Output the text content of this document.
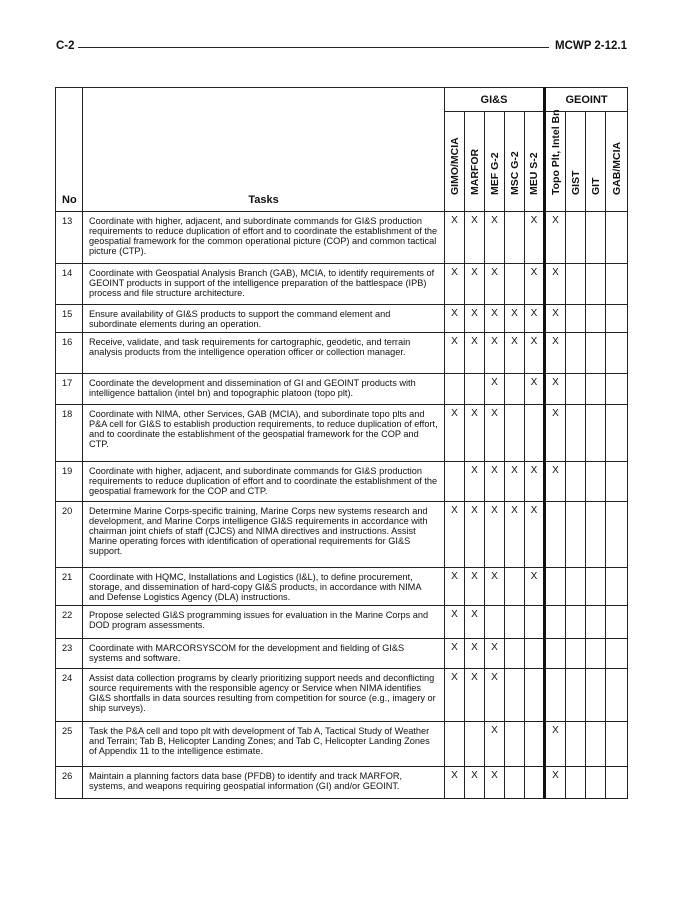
C-2	MCWP 2-12.1
No	Tasks	GI&S					GEOINT			

		GIMO/MCIA	MARFOR	MEF G-2	MSC G-2	MEU S-2	Topo Plt, Intel Bn	GIST	GIT	GAB/MCIA

13	Coordinate with higher, adjacent, and subordinate commands for GI&S production requirements to reduce duplication of effort and to coordinate the establishment of the geospatial framework for the common operational picture (COP) and common tactical picture (CTP).	X	X	X		X	X			
14	Coordinate with Geospatial Analysis Branch (GAB), MCIA, to identify requirements of GEOINT products in support of the intelligence preparation of the battlespace (IPB) process and file structure architecture.	X	X	X		X	X			
15	Ensure availability of GI&S products to support the command element and subordinate elements during an operation.	X	X	X	X	X	X			
16	Receive, validate, and task requirements for cartographic, geodetic, and terrain analysis products from the intelligence operation officer or collection manager.	X	X	X	X	X	X			
17	Coordinate the development and dissemination of GI and GEOINT products with intelligence battalion (intel bn) and topographic platoon (topo plt).			X		X	X			
18	Coordinate with NIMA, other Services, GAB (MCIA), and subordinate topo plts and P&A cell for GI&S to establish production requirements, to reduce duplication of effort, and to coordinate the establishment of the geospatial framework for the COP and CTP.	X	X	X			X			
19	Coordinate with higher, adjacent, and subordinate commands for GI&S production requirements to reduce duplication of effort and to coordinate the establishment of the geospatial framework for the COP and CTP.		X	X	X	X	X			
20	Determine Marine Corps-specific training, Marine Corps new systems research and development, and Marine Corps intelligence GI&S requirements in accordance with chairman joint chiefs of staff (CJCS) and NIMA directives and instructions. Assist Marine operating forces with identification of operational requirements for GI&S support.	X	X	X	X	X				
21	Coordinate with HQMC, Installations and Logistics (I&L), to define procurement, storage, and dissemination of hard-copy GI&S products, in accordance with NIMA and Defense Logistics Agency (DLA) instructions.	X	X	X		X				
22	Propose selected GI&S programming issues for evaluation in the Marine Corps and DOD program assessments.	X	X							
23	Coordinate with MARCORSYSCOM for the development and fielding of GI&S systems and software.	X	X	X						
24	Assist data collection programs by clearly prioritizing support needs and deconflicting source requirements with the responsible agency or Service when NIMA identifies GI&S shortfalls in data sources resulting from competition for source (e.g., imagery or ship surveys).	X	X	X						
25	Task the P&A cell and topo plt with development of Tab A, Tactical Study of Weather and Terrain; Tab B, Helicopter Landing Zones; and Tab C, Helicopter Landing Zones of Appendix 11 to the intelligence estimate.			X			X			
26	Maintain a planning factors data base (PFDB) to identify and track MARFOR, systems, and weapons requiring geospatial information (GI) and/or GEOINT.	X	X	X			X			
